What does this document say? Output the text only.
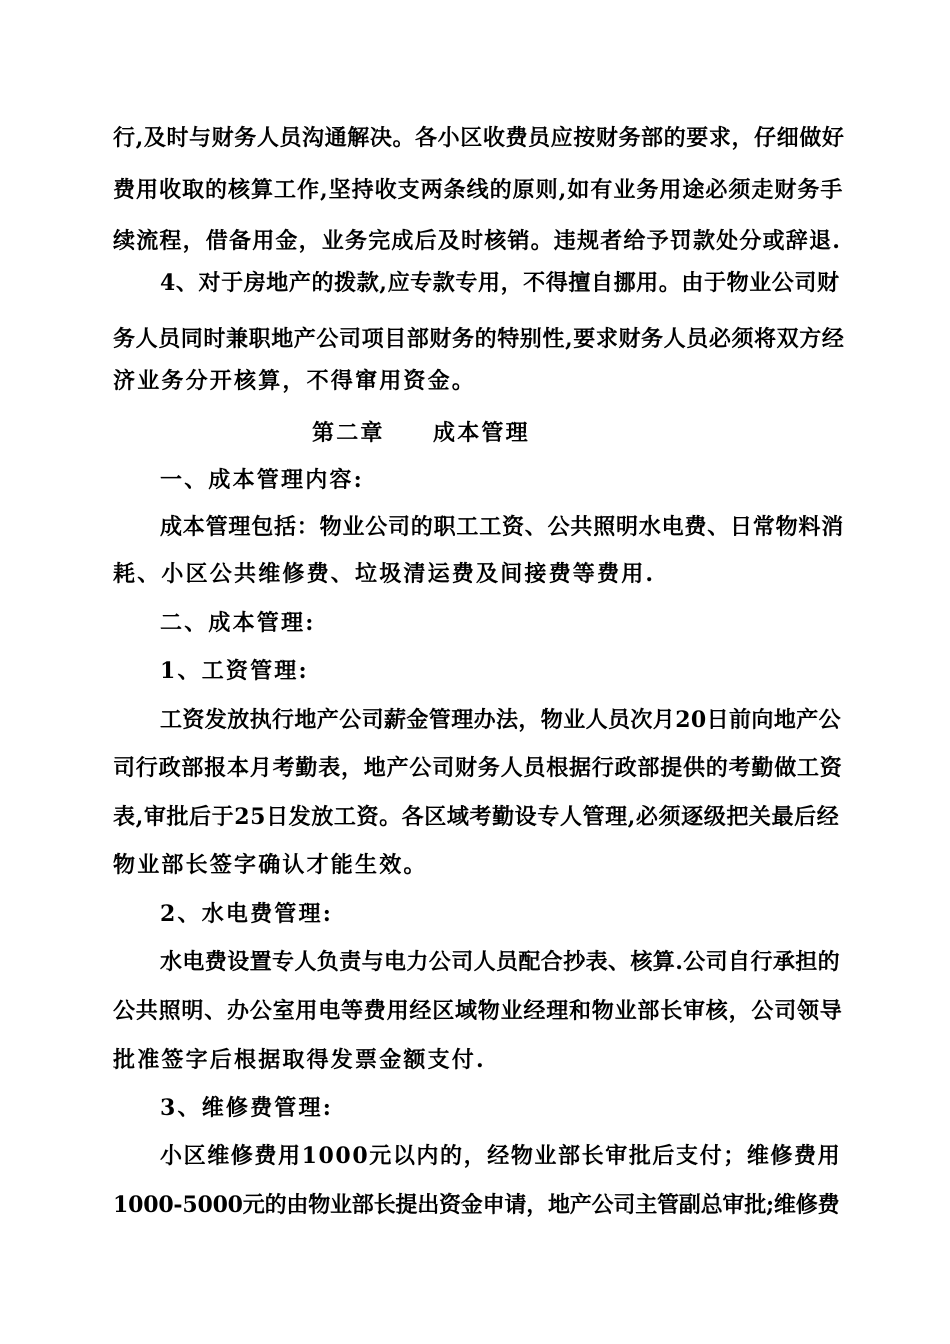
行,及时与财务人员沟通解决。各小区收费员应按财务部的要求，仔细做好
费用收取的核算工作,坚持收支两条线的原则,如有业务用途必须走财务手
续流程，借备用金，业务完成后及时核销。违规者给予罚款处分或辞退.
4、对于房地产的拨款,应专款专用，不得擅自挪用。由于物业公司财
务人员同时兼职地产公司项目部财务的特别性,要求财务人员必须将双方经
济业务分开核算，不得窜用资金。
第二章　　成本管理
一、成本管理内容:
成本管理包括：物业公司的职工工资、公共照明水电费、日常物料消
耗、小区公共维修费、垃圾清运费及间接费等费用.
二、成本管理:
1、工资管理:
工资发放执行地产公司薪金管理办法，物业人员次月20日前向地产公
司行政部报本月考勤表，地产公司财务人员根据行政部提供的考勤做工资
表,审批后于25日发放工资。各区域考勤设专人管理,必须逐级把关最后经
物业部长签字确认才能生效。
2、水电费管理:
水电费设置专人负责与电力公司人员配合抄表、核算.公司自行承担的
公共照明、办公室用电等费用经区域物业经理和物业部长审核，公司领导
批准签字后根据取得发票金额支付.
3、维修费管理:
小区维修费用1000元以内的，经物业部长审批后支付；维修费用
1000-5000元的由物业部长提出资金申请，地产公司主管副总审批;维修费
